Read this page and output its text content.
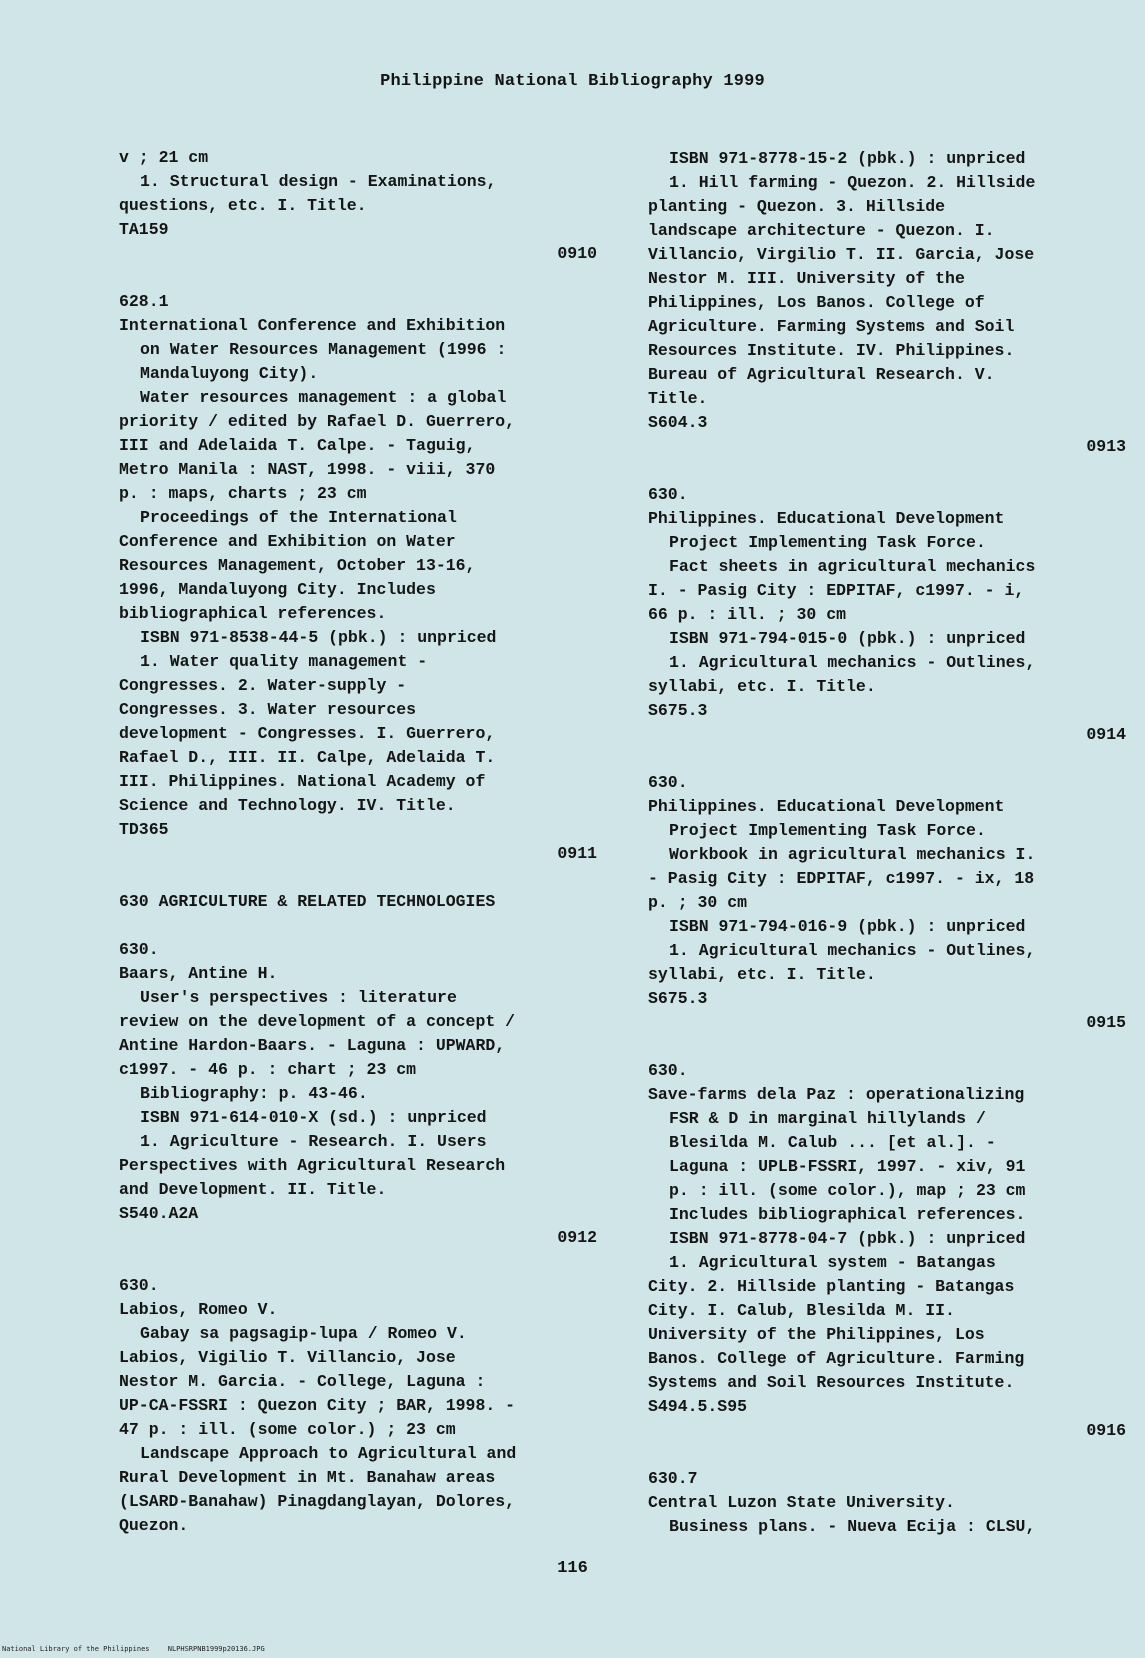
Philippine National Bibliography 1999
v ; 21 cm
1. Structural design - Examinations,
questions, etc. I. Title.
TA159
0910
628.1
International Conference and Exhibition
on Water Resources Management (1996 :
Mandaluyong City).
Water resources management : a global
priority / edited by Rafael D. Guerrero,
III and Adelaida T. Calpe. - Taguig,
Metro Manila : NAST, 1998. - viii, 370
p. : maps, charts ; 23 cm
Proceedings of the International
Conference and Exhibition on Water
Resources Management, October 13-16,
1996, Mandaluyong City. Includes
bibliographical references.
ISBN 971-8538-44-5 (pbk.) : unpriced
1. Water quality management -
Congresses. 2. Water-supply -
Congresses. 3. Water resources
development - Congresses. I. Guerrero,
Rafael D., III. II. Calpe, Adelaida T.
III. Philippines. National Academy of
Science and Technology. IV. Title.
TD365
0911
630 AGRICULTURE & RELATED TECHNOLOGIES
630.
Baars, Antine H.
User's perspectives : literature
review on the development of a concept /
Antine Hardon-Baars. - Laguna : UPWARD,
c1997. - 46 p. : chart ; 23 cm
Bibliography: p. 43-46.
ISBN 971-614-010-X (sd.) : unpriced
1. Agriculture - Research. I. Users
Perspectives with Agricultural Research
and Development. II. Title.
S540.A2A
0912
630.
Labios, Romeo V.
Gabay sa pagsagip-lupa / Romeo V.
Labios, Vigilio T. Villancio, Jose
Nestor M. Garcia. - College, Laguna :
UP-CA-FSSRI : Quezon City ; BAR, 1998. -
47 p. : ill. (some color.) ; 23 cm
Landscape Approach to Agricultural and
Rural Development in Mt. Banahaw areas
(LSARD-Banahaw) Pinagdanglayan, Dolores,
Quezon.
ISBN 971-8778-15-2 (pbk.) : unpriced
1. Hill farming - Quezon. 2. Hillside
planting - Quezon. 3. Hillside
landscape architecture - Quezon. I.
Villancio, Virgilio T. II. Garcia, Jose
Nestor M. III. University of the
Philippines, Los Banos. College of
Agriculture. Farming Systems and Soil
Resources Institute. IV. Philippines.
Bureau of Agricultural Research. V.
Title.
S604.3
0913
630.
Philippines. Educational Development
Project Implementing Task Force.
Fact sheets in agricultural mechanics
I. - Pasig City : EDPITAF, c1997. - i,
66 p. : ill. ; 30 cm
ISBN 971-794-015-0 (pbk.) : unpriced
1. Agricultural mechanics - Outlines,
syllabi, etc. I. Title.
S675.3
0914
630.
Philippines. Educational Development
Project Implementing Task Force.
Workbook in agricultural mechanics I.
- Pasig City : EDPITAF, c1997. - ix, 18
p. ; 30 cm
ISBN 971-794-016-9 (pbk.) : unpriced
1. Agricultural mechanics - Outlines,
syllabi, etc. I. Title.
S675.3
0915
630.
Save-farms dela Paz : operationalizing
FSR & D in marginal hillylands /
Blesilda M. Calub ... [et al.]. -
Laguna : UPLB-FSSRI, 1997. - xiv, 91
p. : ill. (some color.), map ; 23 cm
Includes bibliographical references.
ISBN 971-8778-04-7 (pbk.) : unpriced
1. Agricultural system - Batangas
City. 2. Hillside planting - Batangas
City. I. Calub, Blesilda M. II.
University of the Philippines, Los
Banos. College of Agriculture. Farming
Systems and Soil Resources Institute.
S494.5.S95
0916
630.7
Central Luzon State University.
Business plans. - Nueva Ecija : CLSU,
116
National Library of the Philippines	NLPHSRPNB1999p20136.JPG
